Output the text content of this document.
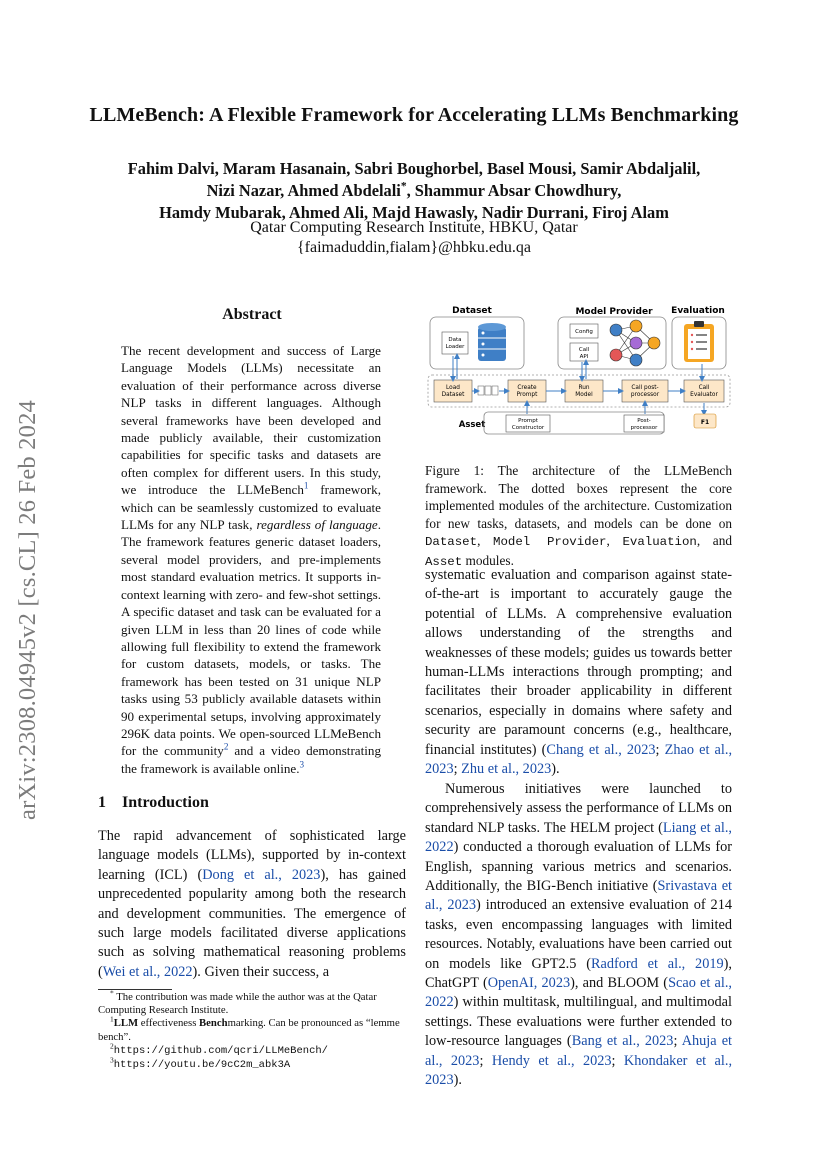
LLMeBench: A Flexible Framework for Accelerating LLMs Benchmarking
Fahim Dalvi, Maram Hasanain, Sabri Boughorbel, Basel Mousi, Samir Abdaljalil,
Nizi Nazar, Ahmed Abdelali*, Shammur Absar Chowdhury,
Hamdy Mubarak, Ahmed Ali, Majd Hawasly, Nadir Durrani, Firoj Alam
Qatar Computing Research Institute, HBKU, Qatar
{faimaduddin,fialam}@hbku.edu.qa
arXiv:2308.04945v2 [cs.CL] 26 Feb 2024
Abstract
The recent development and success of Large Language Models (LLMs) necessitate an evaluation of their performance across diverse NLP tasks in different languages. Although several frameworks have been developed and made publicly available, their customization capabilities for specific tasks and datasets are often complex for different users. In this study, we introduce the LLMeBench$^1$ framework, which can be seamlessly customized to evaluate LLMs for any NLP task, regardless of language. The framework features generic dataset loaders, several model providers, and pre-implements most standard evaluation metrics. It supports in-context learning with zero- and few-shot settings. A specific dataset and task can be evaluated for a given LLM in less than 20 lines of code while allowing full flexibility to extend the framework for custom datasets, models, or tasks. The framework has been tested on 31 unique NLP tasks using 53 publicly available datasets within 90 experimental setups, involving approximately 296K data points. We open-sourced LLMeBench for the community$^2$ and a video demonstrating the framework is available online.$^3$
1 Introduction
The rapid advancement of sophisticated large language models (LLMs), supported by in-context learning (ICL) (Dong et al., 2023), has gained unprecedented popularity among both the research and development communities. The emergence of such large models facilitated diverse applications such as solving mathematical reasoning problems (Wei et al., 2022). Given their success, a

* The contribution was made while the author was at the Qatar Computing Research Institute.

$^1$LLM effectiveness Benchmarking. Can be pronounced as “lemme bench”.

$^2$https://github.com/qcri/LLMeBench/

$^3$https://youtu.be/9cC2m_abk3A

Dataset	Model Provider Evaluation
Data
Loader
Config
Call
API
Load
Dataset
Create
Prompt
Run
Model
Call post-
processor
Call
Evaluator
Asset	Prompt
Constructor
Post-
processor
F1
Figure 1: The architecture of the LLMeBench framework. The dotted boxes represent the core implemented modules of the architecture. Customization for new tasks, datasets, and models can be done on Dataset, Model Provider, Evaluation, and Asset modules.
systematic evaluation and comparison against state-of-the-art is important to accurately gauge the potential of LLMs. A comprehensive evaluation allows understanding of the strengths and weaknesses of these models; guides us towards better human-LLMs interactions through prompting; and facilitates their broader applicability in different scenarios, especially in domains where safety and security are paramount concerns (e.g., healthcare, financial institutes) (Chang et al., 2023; Zhao et al., 2023; Zhu et al., 2023).
Numerous initiatives were launched to comprehensively assess the performance of LLMs on standard NLP tasks. The HELM project (Liang et al., 2022) conducted a thorough evaluation of LLMs for English, spanning various metrics and scenarios. Additionally, the BIG-Bench initiative (Srivastava et al., 2023) introduced an extensive evaluation of 214 tasks, even encompassing languages with limited resources. Notably, evaluations have been carried out on models like GPT2.5 (Radford et al., 2019), ChatGPT (OpenAI, 2023), and BLOOM (Scao et al., 2022) within multitask, multilingual, and multimodal settings. These evaluations were further extended to low-resource languages (Bang et al., 2023; Ahuja et al., 2023; Hendy et al., 2023; Khondaker et al., 2023).
